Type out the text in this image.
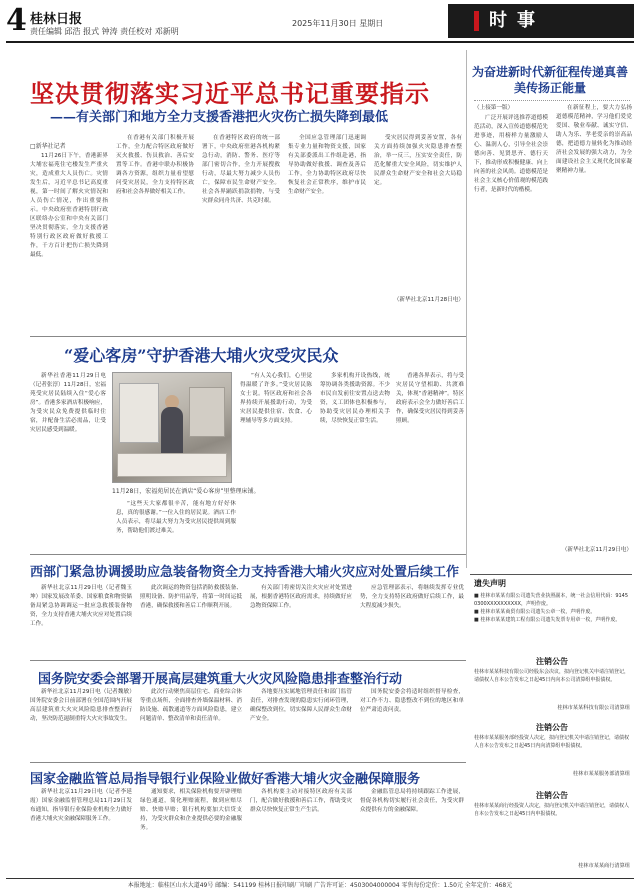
4 桂林日报
责任编辑 邱浩 报式 钟涛 责任校对 邓新明
2025年11月30日 星期日	时事
坚决贯彻落实习近平总书记重要指示
——有关部门和地方全力支援香港把火灾伤亡损失降到最低
□新华社记者

11月26日下午，香港新界大埔宏福苑住宅楼发生严重火灾，造成重大人员伤亡。灾情发生后，习近平总书记高度重视，第一时间了解火灾情况和人员伤亡情况，作出重要指示。中央政府驻香港特别行政区联络办公室和中央有关部门坚决贯彻落实，全力支援香港特别行政区政府做好救援工作，千方百计把伤亡损失降到最低。

在香港有关部门积极开展工作，全力配合特区政府做好灭火救援、伤员救治、善后安置等工作。香港中联办积极协调各方资源，组织力量看望慰问受灾居民，全力支持特区政府和社会各界做好相关工作。

在香港特区政府的统一部署下，中央政府驻港各机构紧急行动，消防、警务、医疗等部门密切合作，全力开展搜救行动，尽最大努力减少人员伤亡，保障市民生命财产安全。社会各界踊跃捐款捐物，与受灾群众同舟共济、共克时艰。

全国应急管理部门迅速调集专业力量和物资支援，国家有关部委派出工作组赴港，指导协助做好救援、调查及善后工作，全力协助特区政府尽快恢复社会正常秩序，维护市民生命财产安全。

受灾居民得到妥善安置，各有关方面持续加强火灾隐患排查整治，举一反三，压实安全责任，防范化解重大安全风险，切实维护人民群众生命财产安全和社会大局稳定。

（新华社北京11月28日电）
为奋进新时代新征程传递真善美传扬正能量

（上接第一版）

广泛开展评选推荐道德模范活动，深入宣传道德模范先进事迹，用榜样力量激励人心、温润人心，引导全社会崇德向善、见贤思齐、德行天下，推动形成积极健康、向上向善的社会风尚。道德模范是社会主义核心价值观的模范践行者，是新时代的楷模。

在新征程上，要大力弘扬道德模范精神，学习他们爱党爱国、敬业奉献、诚实守信、助人为乐、孝老爱亲的崇高品德，把道德力量转化为推动经济社会发展的强大动力，为全面建设社会主义现代化国家凝聚精神力量。

（新华社北京11月29日电）
“爱心客房”守护香港大埔火灾受灾民众

新华社香港11月29日电（记者张淳）11月28日，宏福苑受灾居民陆续入住“爱心客房”。香港多家酒店积极响应，为受灾民众免费提供临时住宿，并配备生活必需品，让受灾居民感受到温暖。

11月28日，宏福苑居民在酒店“爱心客房”里整理床铺。

“这些天大家都很辛苦，能有地方好好休息，真的很感谢。”一位入住的居民说。酒店工作人员表示，将尽最大努力为受灾居民提供周到服务，帮助他们渡过难关。

“有人关心我们，心里觉得温暖了许多。”受灾居民陈女士说。特区政府和社会各界持续开展援助行动，为受灾居民提供住宿、饮食、心理辅导等多方面支持。

多家机构开设热线，统筹协调各类援助资源。不少市民自发前往安置点送去物资，义工团体也积极参与，协助受灾居民办理相关手续，尽快恢复正常生活。

香港各界表示，将与受灾居民守望相助、共渡难关，体现“香港精神”。特区政府表示会全力做好善后工作，确保受灾居民得到妥善照顾。

西部门紧急协调援助应急装备物资全力支持香港大埔火灾应对处置后续工作

新华社北京11月29日电（记者魏玉坤）国家发展改革委、国家粮食和物资储备局紧急协调调运一批应急救援装备物资，全力支持香港大埔火灾应对处置后续工作。

此次调运的物资包括消防救援装备、照明设备、防护用品等，将第一时间运抵香港，确保救援和善后工作顺利开展。

有关部门将密切关注火灾应对处置进展，根据香港特区政府需求，持续做好应急物资保障工作。

应急管理部表示，将继续发挥专业优势，全力支持特区政府做好后续工作，最大程度减少损失。

国务院安委会部署开展高层建筑重大火灾风险隐患排查整治行动

新华社北京11月29日电（记者魏敏）国务院安委会日前部署在全国范围内开展高层建筑重大火灾风险隐患排查整治行动，坚决防范遏制重特大火灾事故发生。

此次行动聚焦高层住宅、商业综合体等重点场所，全面排查外墙保温材料、消防设施、疏散通道等方面风险隐患，建立问题清单、整改清单和责任清单。

各地要压实属地管理责任和部门监管责任，对排查发现的隐患实行闭环管理，确保整改到位，切实保障人民群众生命财产安全。

国务院安委会将适时组织督导检查，对工作不力、隐患整改不到位的地区和单位严肃追责问责。

国家金融监管总局指导银行业保险业做好香港大埔火灾金融保障服务

新华社北京11月29日电（记者李延霞）国家金融监督管理总局11月29日发布通知，指导银行业保险业机构全力做好香港大埔火灾金融保障服务工作。

通知要求，相关保险机构要开辟理赔绿色通道，简化理赔流程，做到应赔尽赔、快赔早赔；银行机构要加大信贷支持，为受灾群众和企业提供必要的金融服务。

各机构要主动对接特区政府有关部门，配合做好救援和善后工作，帮助受灾群众尽快恢复正常生产生活。

金融监管总局将持续跟踪工作进展，督促各机构切实履行社会责任，为受灾群众提供有力的金融保障。

遗失声明
■ 桂林市某某有限公司遗失营业执照副本，统一社会信用代码：91450300XXXXXXXXXX，声明作废。
■ 桂林市某某商贸有限公司遗失公章一枚，声明作废。
■ 桂林市某某建筑工程有限公司遗失发票专用章一枚，声明作废。
注销公告
桂林市某某科技有限公司经股东会决议，拟向登记机关申请注销登记，请债权人自本公告发布之日起45日内向本公司清算组申报债权。
桂林市某某科技有限公司清算组
注销公告
桂林市某某服务部经投资人决定，拟向登记机关申请注销登记，请债权人自本公告发布之日起45日内向清算组申报债权。
桂林市某某服务部清算组
注销公告
桂林市某某商行经投资人决定，拟向登记机关申请注销登记，请债权人自本公告发布之日起45日内申报债权。
桂林市某某商行清算组
本报地址：临桂区山水大道49号 邮编：541199 桂林日报印刷厂印刷 广告许可证：4503004000004 零售每份定价：1.50元 全年定价：468元
